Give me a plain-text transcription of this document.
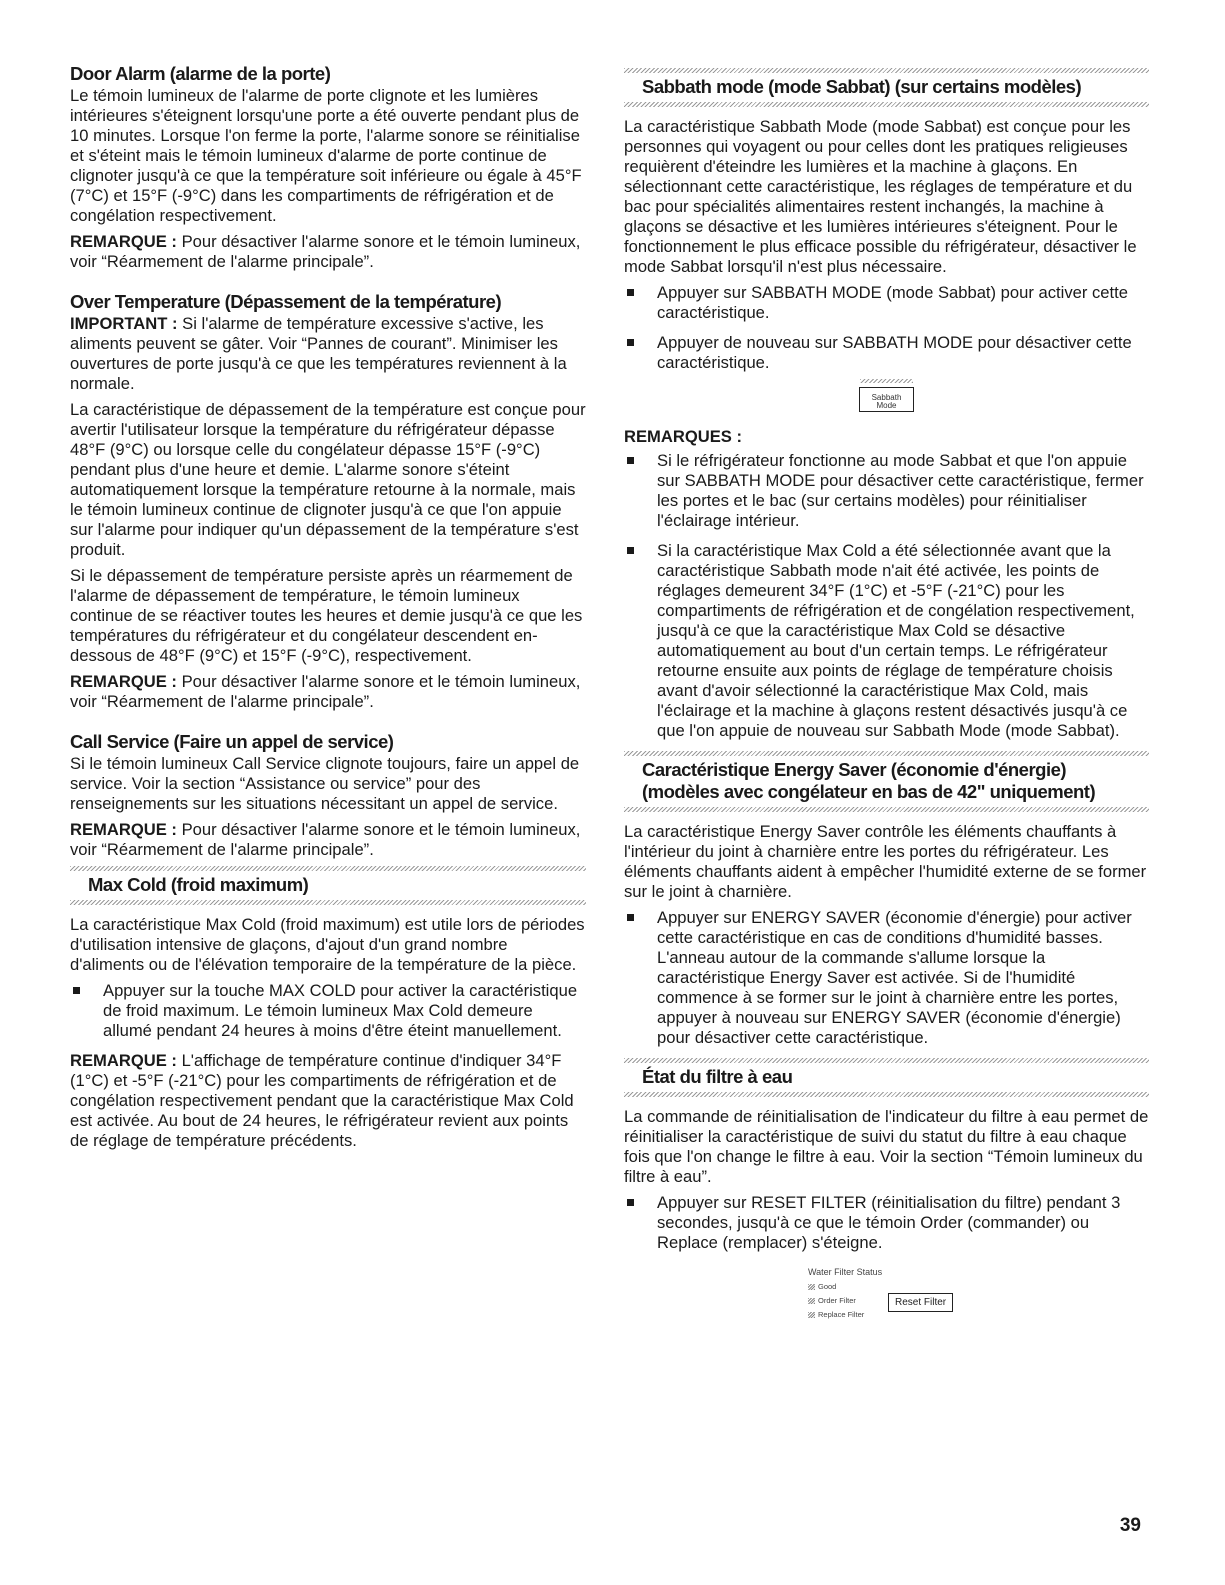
Door Alarm (alarme de la porte)

Le témoin lumineux de l'alarme de porte clignote et les lumières intérieures s'éteignent lorsqu'une porte a été ouverte pendant plus de 10 minutes. Lorsque l'on ferme la porte, l'alarme sonore se réinitialise et s'éteint mais le témoin lumineux d'alarme de porte continue de clignoter jusqu'à ce que la température soit inférieure ou égale à 45°F (7°C) et 15°F (-9°C) dans les compartiments de réfrigération et de congélation respectivement.

REMARQUE : Pour désactiver l'alarme sonore et le témoin lumineux, voir “Réarmement de l'alarme principale”.

Over Temperature (Dépassement de la température)

IMPORTANT : Si l'alarme de température excessive s'active, les aliments peuvent se gâter. Voir “Pannes de courant”. Minimiser les ouvertures de porte jusqu'à ce que les températures reviennent à la normale.

La caractéristique de dépassement de la température est conçue pour avertir l'utilisateur lorsque la température du réfrigérateur dépasse 48°F (9°C) ou lorsque celle du congélateur dépasse 15°F (-9°C) pendant plus d'une heure et demie. L'alarme sonore s'éteint automatiquement lorsque la température retourne à la normale, mais le témoin lumineux continue de clignoter jusqu'à ce que l'on appuie sur l'alarme pour indiquer qu'un dépassement de la température s'est produit.

Si le dépassement de température persiste après un réarmement de l'alarme de dépassement de température, le témoin lumineux continue de se réactiver toutes les heures et demie jusqu'à ce que les températures du réfrigérateur et du congélateur descendent en-dessous de 48°F (9°C) et 15°F (-9°C), respectivement.

REMARQUE : Pour désactiver l'alarme sonore et le témoin lumineux, voir “Réarmement de l'alarme principale”.

Call Service (Faire un appel de service)

Si le témoin lumineux Call Service clignote toujours, faire un appel de service. Voir la section “Assistance ou service” pour des renseignements sur les situations nécessitant un appel de service.

REMARQUE : Pour désactiver l'alarme sonore et le témoin lumineux, voir “Réarmement de l'alarme principale”.

Max Cold (froid maximum)

La caractéristique Max Cold (froid maximum) est utile lors de périodes d'utilisation intensive de glaçons, d'ajout d'un grand nombre d'aliments ou de l'élévation temporaire de la température de la pièce.

Appuyer sur la touche MAX COLD pour activer la caractéristique de froid maximum. Le témoin lumineux Max Cold demeure allumé pendant 24 heures à moins d'être éteint manuellement.

REMARQUE : L'affichage de température continue d'indiquer 34°F (1°C) et -5°F (-21°C) pour les compartiments de réfrigération et de congélation respectivement pendant que la caractéristique Max Cold est activée. Au bout de 24 heures, le réfrigérateur revient aux points de réglage de température précédents.

Sabbath mode (mode Sabbat) (sur certains modèles)

La caractéristique Sabbath Mode (mode Sabbat) est conçue pour les personnes qui voyagent ou pour celles dont les pratiques religieuses requièrent d'éteindre les lumières et la machine à glaçons. En sélectionnant cette caractéristique, les réglages de température et du bac pour spécialités alimentaires restent inchangés, la machine à glaçons se désactive et les lumières intérieures s'éteignent. Pour le fonctionnement le plus efficace possible du réfrigérateur, désactiver le mode Sabbat lorsqu'il n'est plus nécessaire.

Appuyer sur SABBATH MODE (mode Sabbat) pour activer cette caractéristique.
Appuyer de nouveau sur SABBATH MODE pour désactiver cette caractéristique.
Sabbath
Mode

REMARQUES :

Si le réfrigérateur fonctionne au mode Sabbat et que l'on appuie sur SABBATH MODE pour désactiver cette caractéristique, fermer les portes et le bac (sur certains modèles) pour réinitialiser l'éclairage intérieur.
Si la caractéristique Max Cold a été sélectionnée avant que la caractéristique Sabbath mode n'ait été activée, les points de réglages demeurent 34°F (1°C) et -5°F (-21°C) pour les compartiments de réfrigération et de congélation respectivement, jusqu'à ce que la caractéristique Max Cold se désactive automatiquement au bout d'un certain temps. Le réfrigérateur retourne ensuite aux points de réglage de température choisis avant d'avoir sélectionné la caractéristique Max Cold, mais l'éclairage et la machine à glaçons restent désactivés jusqu'à ce que l'on appuie de nouveau sur Sabbath Mode (mode Sabbat).
Caractéristique Energy Saver (économie d'énergie)
(modèles avec congélateur en bas de 42" uniquement)

La caractéristique Energy Saver contrôle les éléments chauffants à l'intérieur du joint à charnière entre les portes du réfrigérateur. Les éléments chauffants aident à empêcher l'humidité externe de se former sur le joint à charnière.

Appuyer sur ENERGY SAVER (économie d'énergie) pour activer cette caractéristique en cas de conditions d'humidité basses. L'anneau autour de la commande s'allume lorsque la caractéristique Energy Saver est activée. Si de l'humidité commence à se former sur le joint à charnière entre les portes, appuyer à nouveau sur ENERGY SAVER (économie d'énergie) pour désactiver cette caractéristique.
État du filtre à eau

La commande de réinitialisation de l'indicateur du filtre à eau permet de réinitialiser la caractéristique de suivi du statut du filtre à eau chaque fois que l'on change le filtre à eau. Voir la section “Témoin lumineux du filtre à eau”.

Appuyer sur RESET FILTER (réinitialisation du filtre) pendant 3 secondes, jusqu'à ce que le témoin Order (commander) ou Replace (remplacer) s'éteigne.
Water Filter Status
Good
Order Filter
Replace Filter
Reset Filter
39
